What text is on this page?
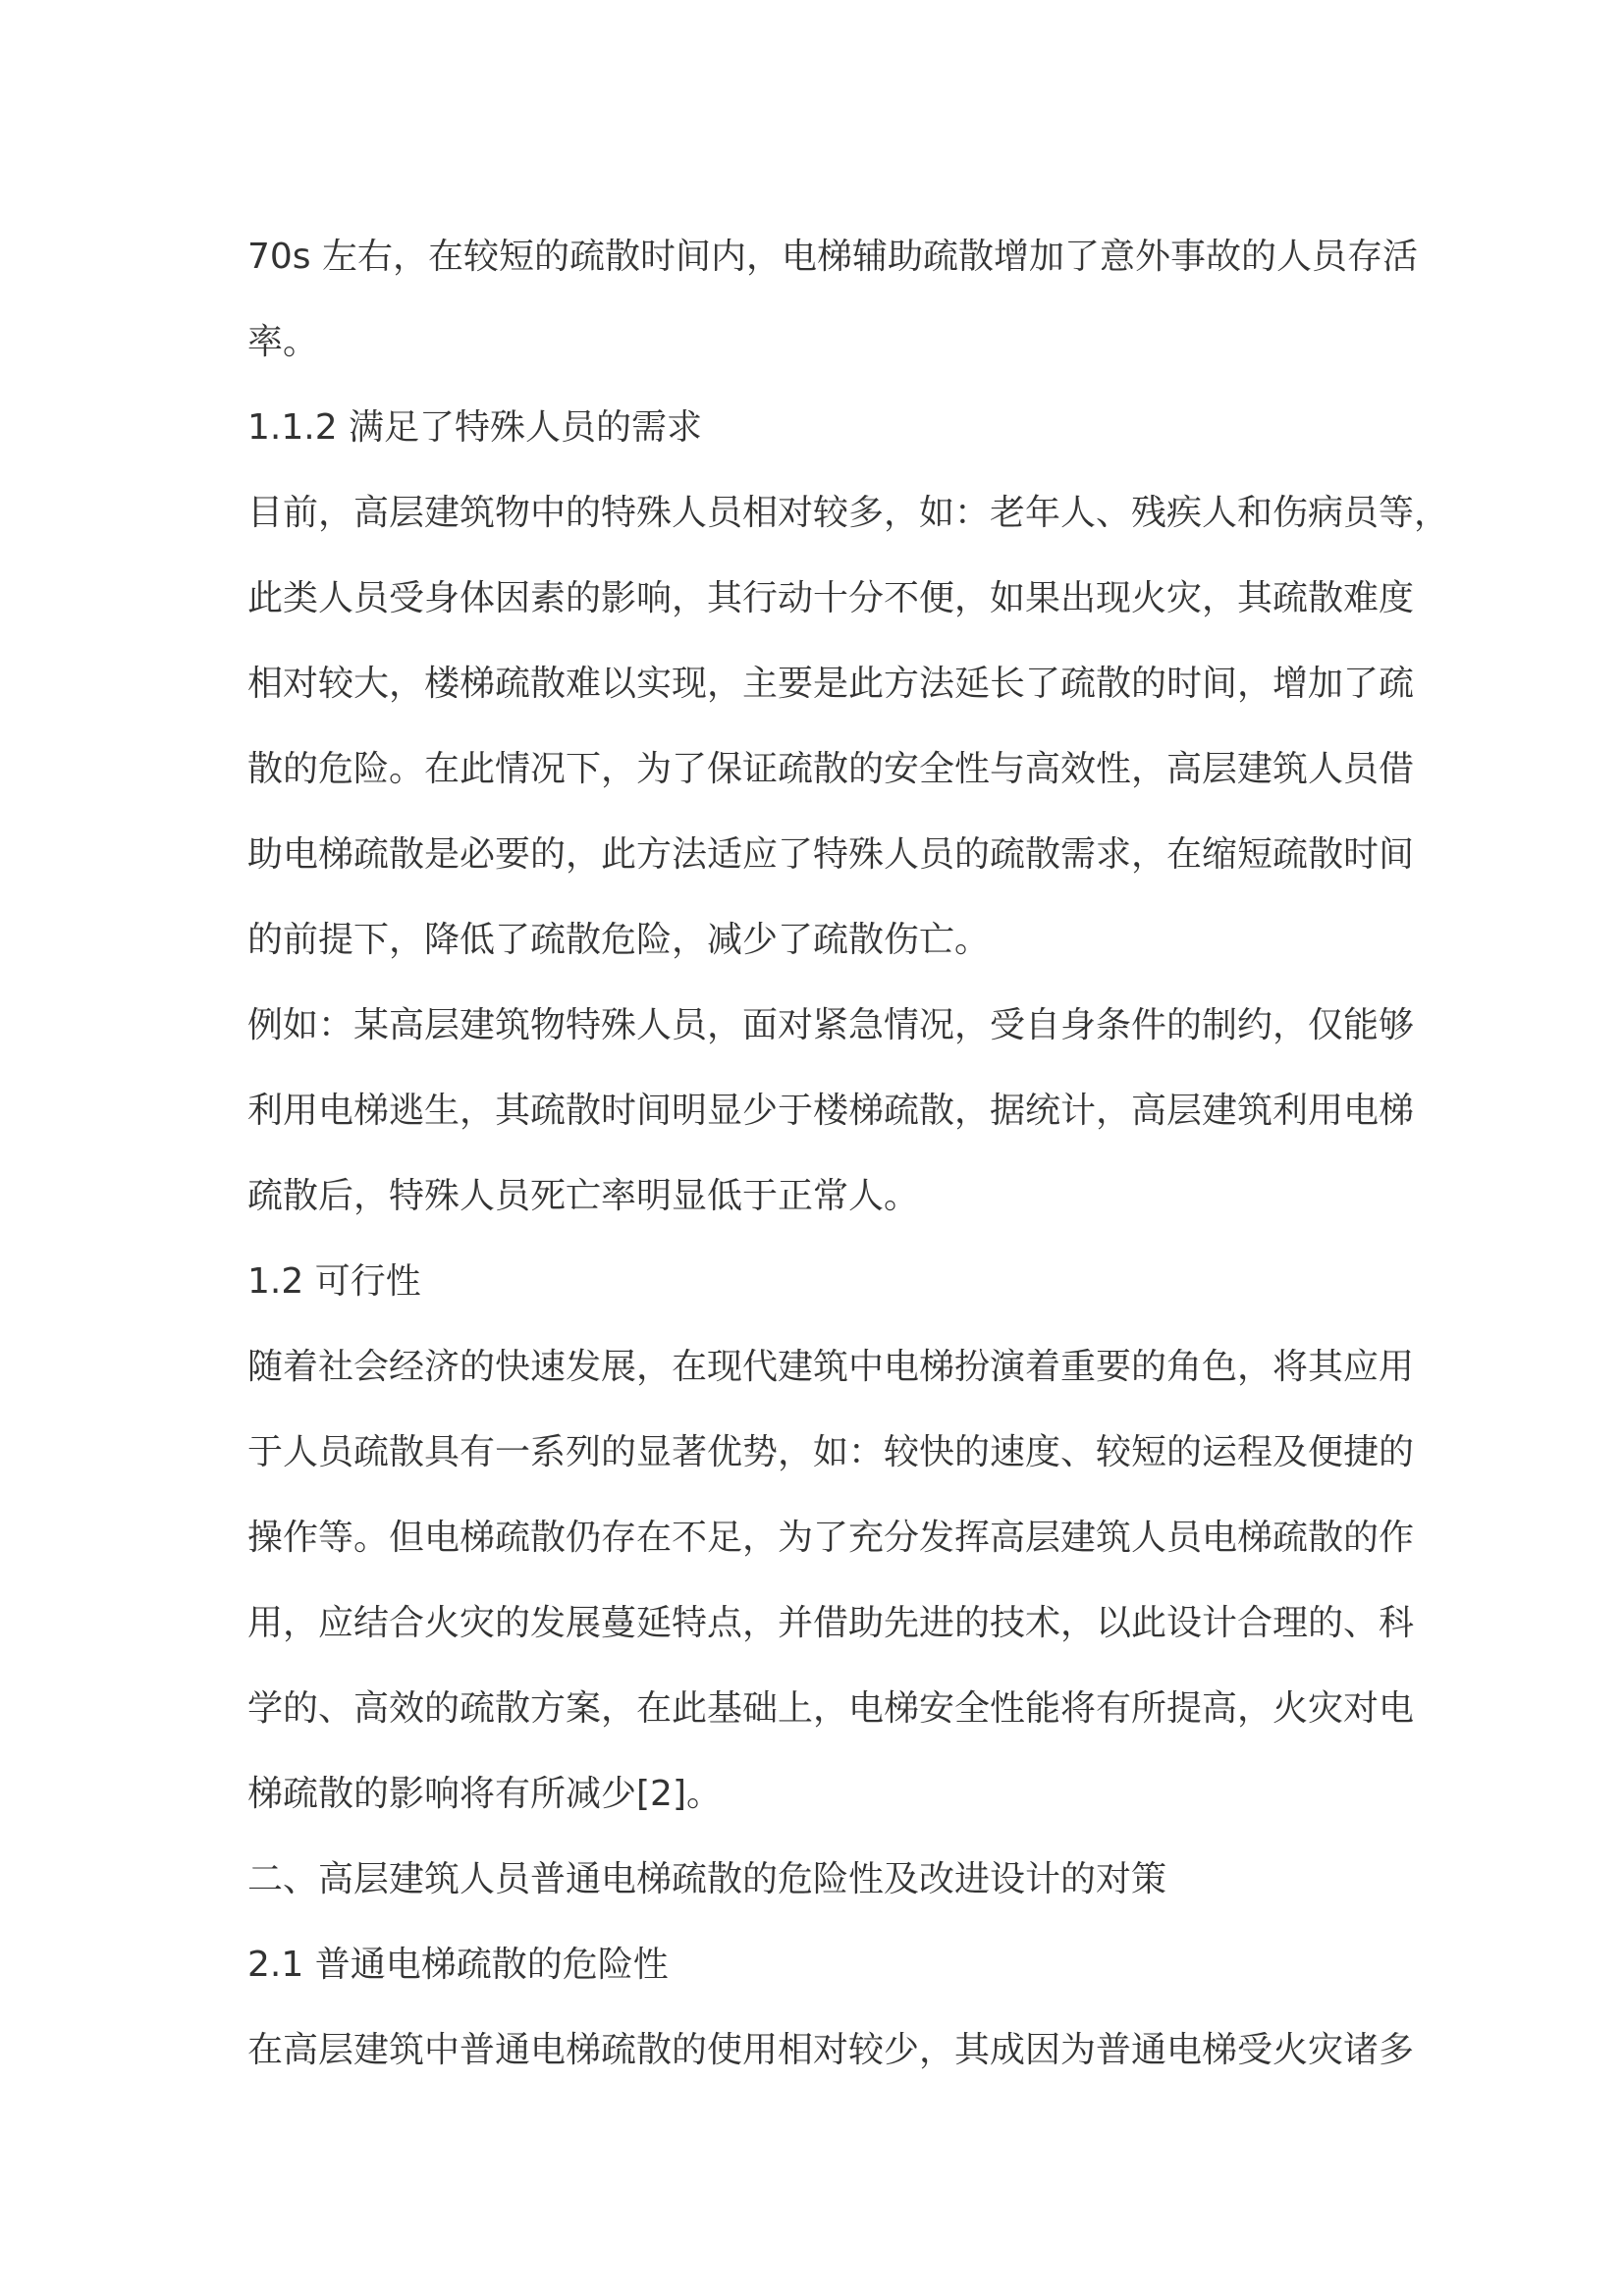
70s 左右，在较短的疏散时间内，电梯辅助疏散增加了意外事故的人员存活
率。
1.1.2 满足了特殊人员的需求
目前，高层建筑物中的特殊人员相对较多，如：老年人、残疾人和伤病员等，
此类人员受身体因素的影响，其行动十分不便，如果出现火灾，其疏散难度
相对较大，楼梯疏散难以实现，主要是此方法延长了疏散的时间，增加了疏
散的危险。在此情况下，为了保证疏散的安全性与高效性，高层建筑人员借
助电梯疏散是必要的，此方法适应了特殊人员的疏散需求，在缩短疏散时间
的前提下，降低了疏散危险，减少了疏散伤亡。
例如：某高层建筑物特殊人员，面对紧急情况，受自身条件的制约，仅能够
利用电梯逃生，其疏散时间明显少于楼梯疏散，据统计，高层建筑利用电梯
疏散后，特殊人员死亡率明显低于正常人。
1.2 可行性
随着社会经济的快速发展，在现代建筑中电梯扮演着重要的角色，将其应用
于人员疏散具有一系列的显著优势，如：较快的速度、较短的运程及便捷的
操作等。但电梯疏散仍存在不足，为了充分发挥高层建筑人员电梯疏散的作
用，应结合火灾的发展蔓延特点，并借助先进的技术，以此设计合理的、科
学的、高效的疏散方案，在此基础上，电梯安全性能将有所提高，火灾对电
梯疏散的影响将有所减少[2]。
二、高层建筑人员普通电梯疏散的危险性及改进设计的对策
2.1 普通电梯疏散的危险性
在高层建筑中普通电梯疏散的使用相对较少，其成因为普通电梯受火灾诸多
